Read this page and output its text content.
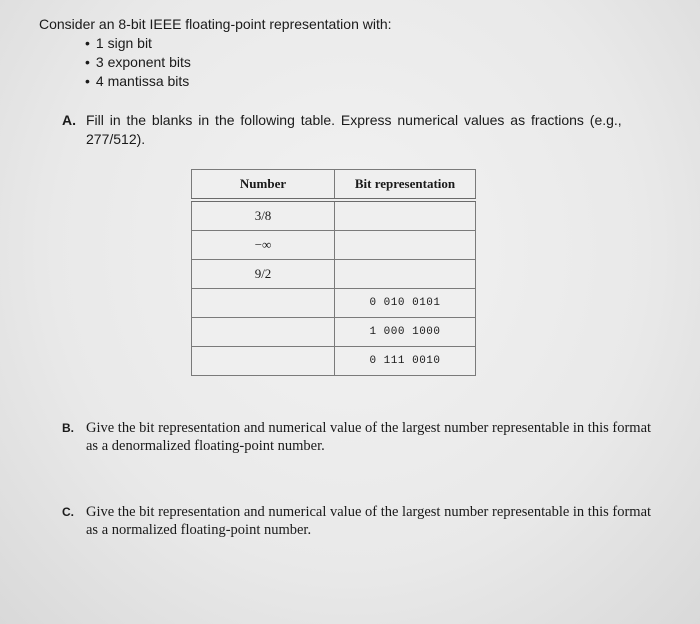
Consider an 8-bit IEEE floating-point representation with:
• 1 sign bit
• 3 exponent bits
• 4 mantissa bits
A. Fill in the blanks in the following table. Express numerical values as fractions (e.g., 277/512).
Number	Bit representation
3/8	
−∞	
9/2	
	0 010 0101
	1 000 1000
	0 111 0010
B. Give the bit representation and numerical value of the largest number representable in this format as a denormalized floating-point number.
C. Give the bit representation and numerical value of the largest number representable in this format as a normalized floating-point number.
